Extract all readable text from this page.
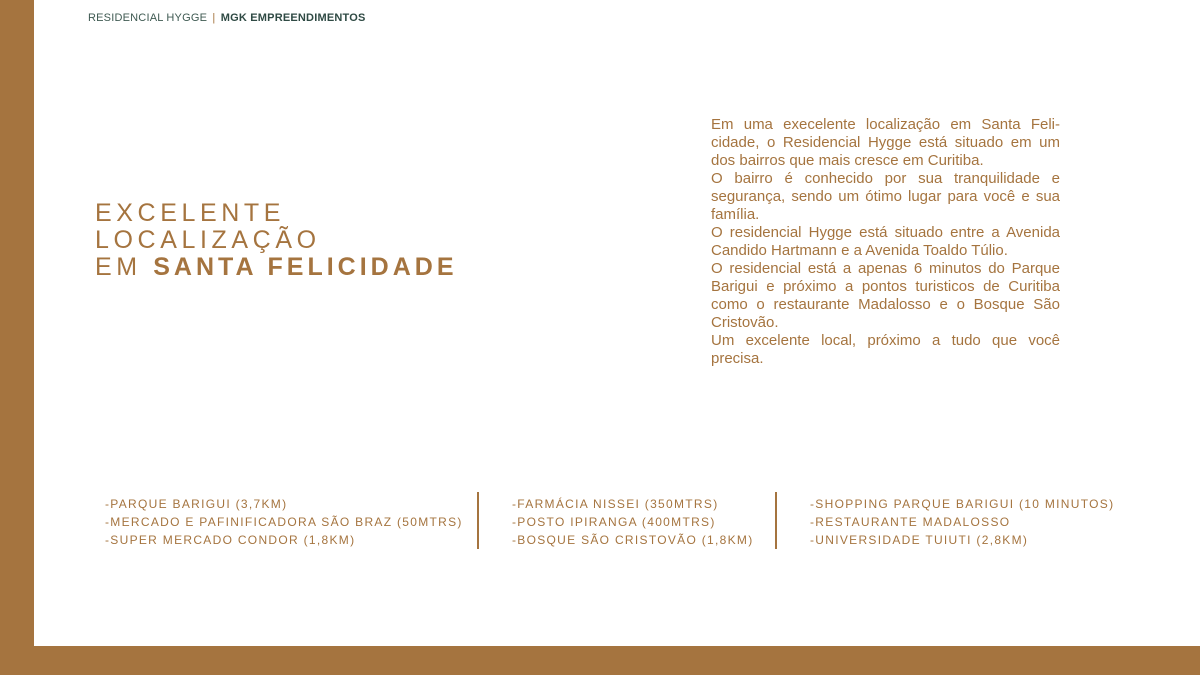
RESIDENCIAL HYGGE | MGK EMPREENDIMENTOS
EXCELENTE
LOCALIZAÇÃO
EM SANTA FELICIDADE

Em uma execelente localização em Santa Feli-cidade, o Residencial Hygge está situado em um dos bairros que mais cresce em Curitiba.

O bairro é conhecido por sua tranquilidade e segurança, sendo um ótimo lugar para você e sua família.

O residencial Hygge está situado entre a Avenida Candido Hartmann e a Avenida Toaldo Túlio.

O residencial está a apenas 6 minutos do Parque Barigui e próximo a pontos turisticos de Curitiba como o restaurante Madalosso e o Bosque São Cristovão.

Um excelente local, próximo a tudo que você precisa.

-PARQUE BARIGUI (3,7KM)
-MERCADO E PAFINIFICADORA SÃO BRAZ (50MTRS)
-SUPER MERCADO CONDOR (1,8KM)
-FARMÁCIA NISSEI (350MTRS)
-POSTO IPIRANGA (400MTRS)
-BOSQUE SÃO CRISTOVÃO (1,8KM)
-SHOPPING PARQUE BARIGUI (10 MINUTOS)
-RESTAURANTE MADALOSSO
-UNIVERSIDADE TUIUTI (2,8KM)
